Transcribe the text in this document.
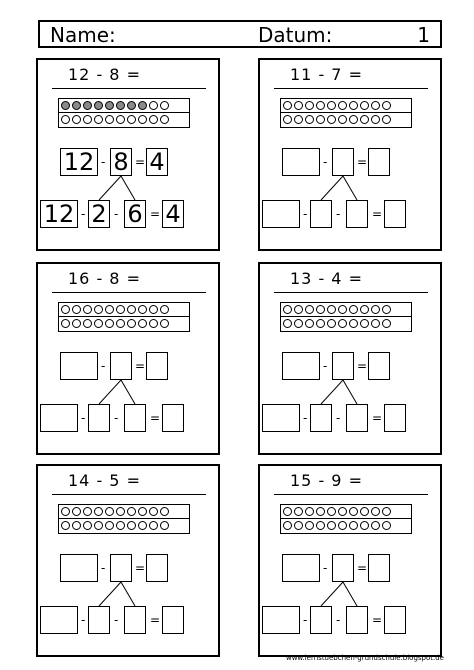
Name:	Datum:	1
12 - 8 =
12 8 4
12 2 6 4
- =
- -	=
11 - 7 =
- =
- -	=
16 - 8 =
- =
- -	=
13 - 4 =
- =
- -	=
14 - 5 =
- =
- -	=
15 - 9 =
- =
- -	=
www.lernstuebchen-grundschule.blogspot.de
